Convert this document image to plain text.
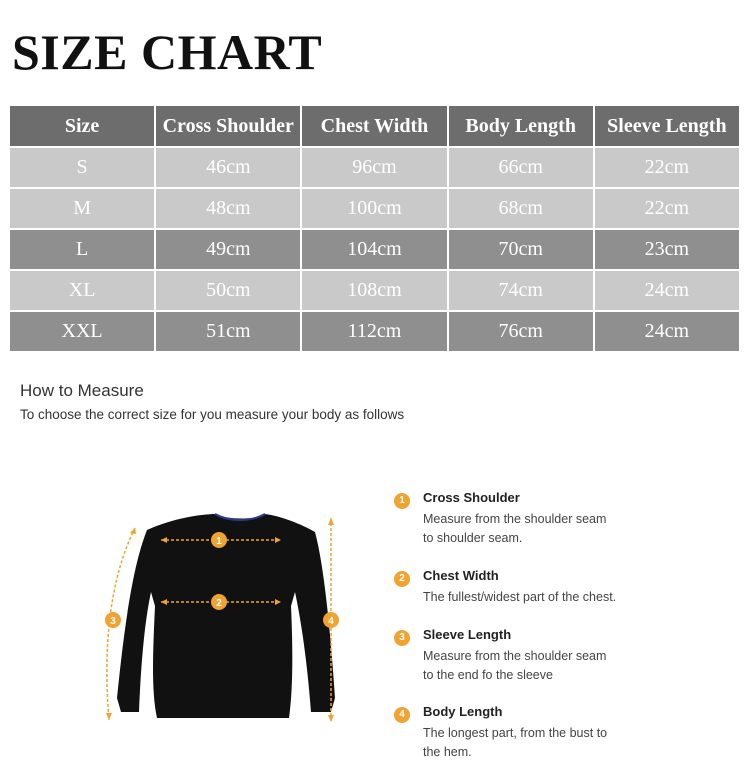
SIZE CHART
Size	Cross Shoulder	Chest Width	Body Length	Sleeve Length
S	46cm	96cm	66cm	22cm
M	48cm	100cm	68cm	22cm
L	49cm	104cm	70cm	23cm
XL	50cm	108cm	74cm	24cm
XXL	51cm	112cm	76cm	24cm
How to Measure
To choose the correct size for you measure your body as follows
1
2
3	4
1	Cross Shoulder
Measure from the shoulder seam
to shoulder seam.
2	Chest Width
The fullest/widest part of the chest.
3	Sleeve Length
Measure from the shoulder seam
to the end fo the sleeve
4	Body Length
The longest part, from the bust to
the hem.
